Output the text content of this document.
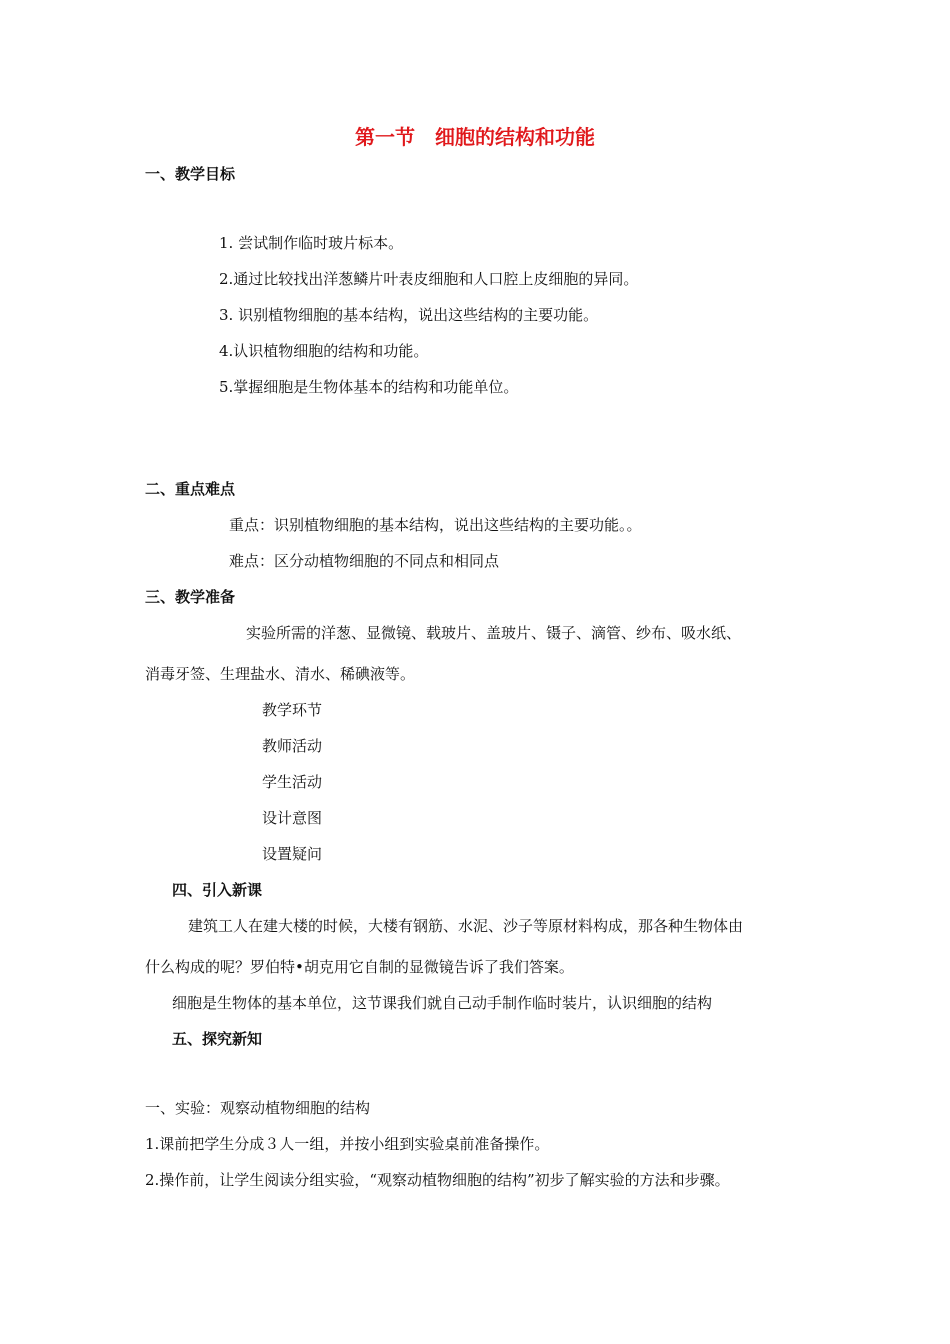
第一节　细胞的结构和功能
一、教学目标
1. 尝试制作临时玻片标本。
2.通过比较找出洋葱鳞片叶表皮细胞和人口腔上皮细胞的异同。
3. 识别植物细胞的基本结构，说出这些结构的主要功能。
4.认识植物细胞的结构和功能。
5.掌握细胞是生物体基本的结构和功能单位。
二、重点难点
重点：识别植物细胞的基本结构，说出这些结构的主要功能。。
难点：区分动植物细胞的不同点和相同点
三、教学准备
实验所需的洋葱、显微镜、载玻片、盖玻片、镊子、滴管、纱布、吸水纸、
消毒牙签、生理盐水、清水、稀碘液等。
教学环节
教师活动
学生活动
设计意图
设置疑问
四、引入新课
建筑工人在建大楼的时候，大楼有钢筋、水泥、沙子等原材料构成，那各种生物体由
什么构成的呢？罗伯特•胡克用它自制的显微镜告诉了我们答案。
细胞是生物体的基本单位，这节课我们就自己动手制作临时装片，认识细胞的结构
五、探究新知
一、实验：观察动植物细胞的结构
1.课前把学生分成３人一组，并按小组到实验桌前准备操作。
2.操作前，让学生阅读分组实验，“观察动植物细胞的结构”初步了解实验的方法和步骤。
